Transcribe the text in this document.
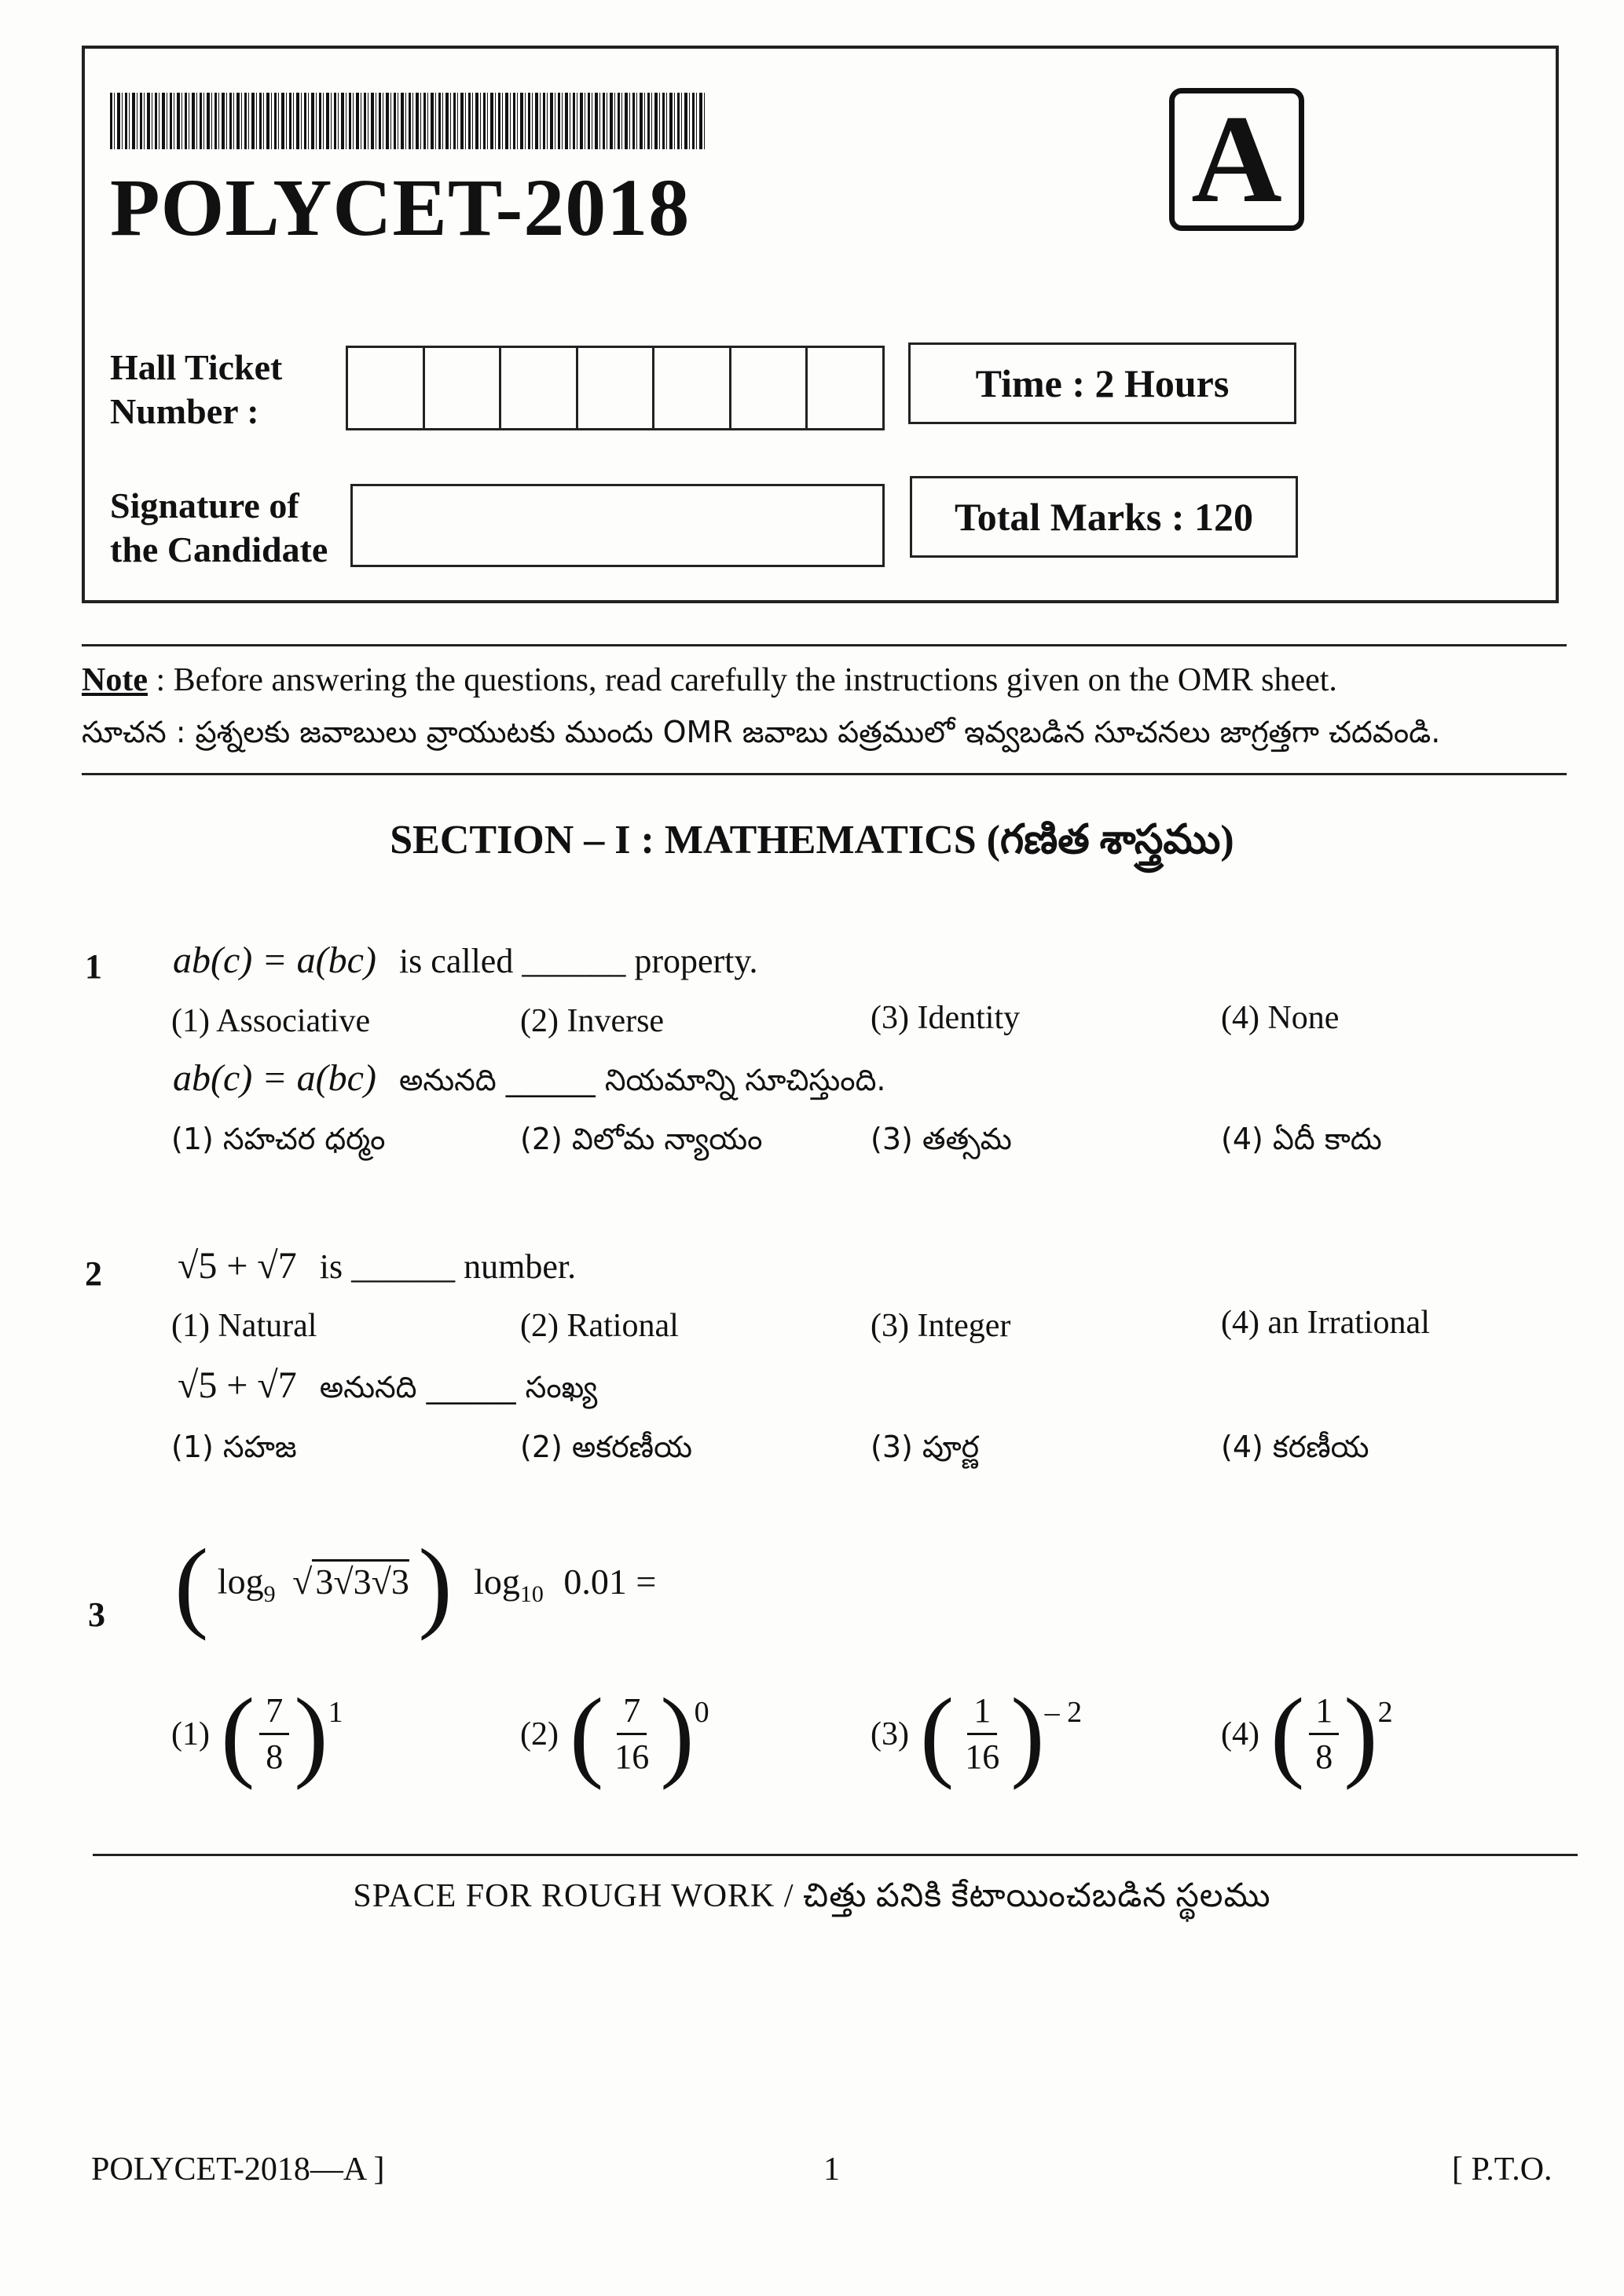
POLYCET-2018	A
Hall Ticket
Number :
Signature of
the Candidate
Time : 2 Hours
Total Marks : 120
Note : Before answering the questions, read carefully the instructions given on the OMR sheet.
సూచన : ప్రశ్నలకు జవాబులు వ్రాయుటకు ముందు OMR జవాబు పత్రములో ఇవ్వబడిన సూచనలు జాగ్రత్తగా చదవండి.
SECTION – I : MATHEMATICS (గణిత శాస్త్రము)
1 ab(c) = a(bc) is called ______ property.
(1) Associative	(2) Inverse	(3) Identity	(4) None
ab(c) = a(bc) అనునది ______ నియమాన్ని సూచిస్తుంది.
(1) సహచర ధర్మం	(2) విలోమ న్యాయం	(3) తత్సమ	(4) ఏదీ కాదు
2 √5 + √7 is ______ number.
(1) Natural	(2) Rational	(3) Integer	(4) an Irrational
√5 + √7 అనునది ______ సంఖ్య
(1) సహజ	(2) అకరణీయ	(3) పూర్ణ	(4) కరణీయ
3 ( $\log_9 √3√3√3$ ) $\log_{10} 0.01$ =
(1) ( $\frac{7}{8}$ ) 1
(2) ( $\frac{7}{16}$ ) 0
(3) ( $\frac{1}{16}$ ) – 2
(4) ( $\frac{1}{8}$ ) 2
SPACE FOR ROUGH WORK / చిత్తు పనికి కేటాయించబడిన స్థలము
POLYCET-2018—A ]	1	[ P.T.O.
